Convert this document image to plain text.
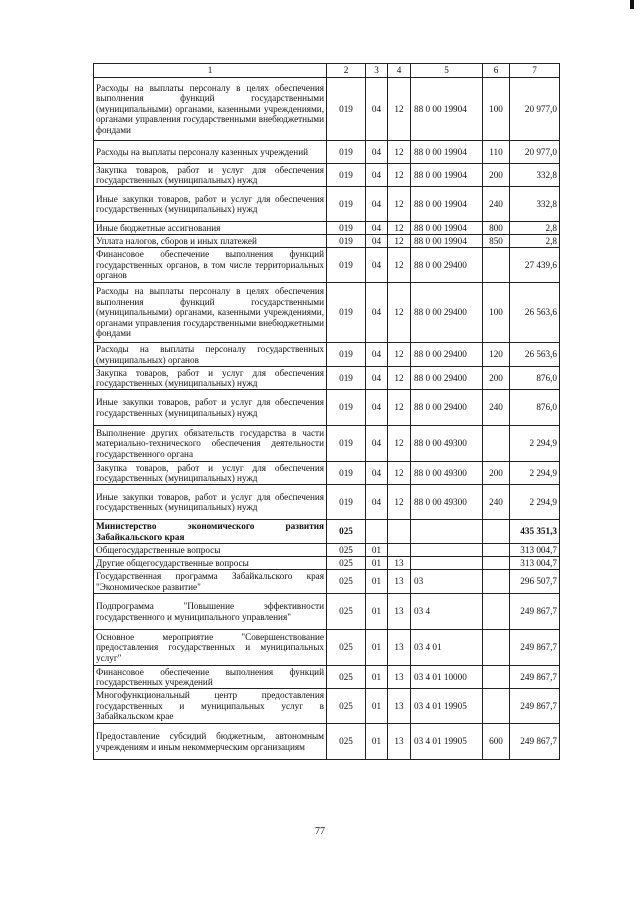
1	2	3	4	5	6	7
Расходы на выплаты персоналу в целях обеспечения выполнения функций государственными (муниципальными) органами, казенными учреждениями, органами управления государственными внебюджетными фондами	019	04	12	88 0 00 19904	100	20 977,0
Расходы на выплаты персоналу казенных учреждений	019	04	12	88 0 00 19904	110	20 977,0
Закупка товаров, работ и услуг для обеспечения государственных (муниципальных) нужд	019	04	12	88 0 00 19904	200	332,8
Иные закупки товаров, работ и услуг для обеспечения государственных (муниципальных) нужд	019	04	12	88 0 00 19904	240	332,8
Иные бюджетные ассигнования	019	04	12	88 0 00 19904	800	2,8
Уплата налогов, сборов и иных платежей	019	04	12	88 0 00 19904	850	2,8
Финансовое обеспечение выполнения функций государственных органов, в том числе территориальных органов	019	04	12	88 0 00 29400		27 439,6
Расходы на выплаты персоналу в целях обеспечения выполнения функций государственными (муниципальными) органами, казенными учреждениями, органами управления государственными внебюджетными фондами	019	04	12	88 0 00 29400	100	26 563,6
Расходы на выплаты персоналу государственных (муниципальных) органов	019	04	12	88 0 00 29400	120	26 563,6
Закупка товаров, работ и услуг для обеспечения государственных (муниципальных) нужд	019	04	12	88 0 00 29400	200	876,0
Иные закупки товаров, работ и услуг для обеспечения государственных (муниципальных) нужд	019	04	12	88 0 00 29400	240	876,0
Выполнение других обязательств государства в части материально-технического обеспечения деятельности государственного органа	019	04	12	88 0 00 49300		2 294,9
Закупка товаров, работ и услуг для обеспечения государственных (муниципальных) нужд	019	04	12	88 0 00 49300	200	2 294,9
Иные закупки товаров, работ и услуг для обеспечения государственных (муниципальных) нужд	019	04	12	88 0 00 49300	240	2 294,9
Министерство экономического развития Забайкальского края	025					435 351,3
Общегосударственные вопросы	025	01				313 004,7
Другие общегосударственные вопросы	025	01	13			313 004,7
Государственная программа Забайкальского края "Экономическое развитие"	025	01	13	03		296 507,7
Подпрограмма "Повышение эффективности государственного и муниципального управления"	025	01	13	03 4		249 867,7
Основное мероприятие "Совершенствование предоставления государственных и муниципальных услуг"	025	01	13	03 4 01		249 867,7
Финансовое обеспечение выполнения функций государственных учреждений	025	01	13	03 4 01 10000		249 867,7
Многофункциональный центр предоставления государственных и муниципальных услуг в Забайкальском крае	025	01	13	03 4 01 19905		249 867,7
Предоставление субсидий бюджетным, автономным учреждениям и иным некоммерческим организациям	025	01	13	03 4 01 19905	600	249 867,7
77
